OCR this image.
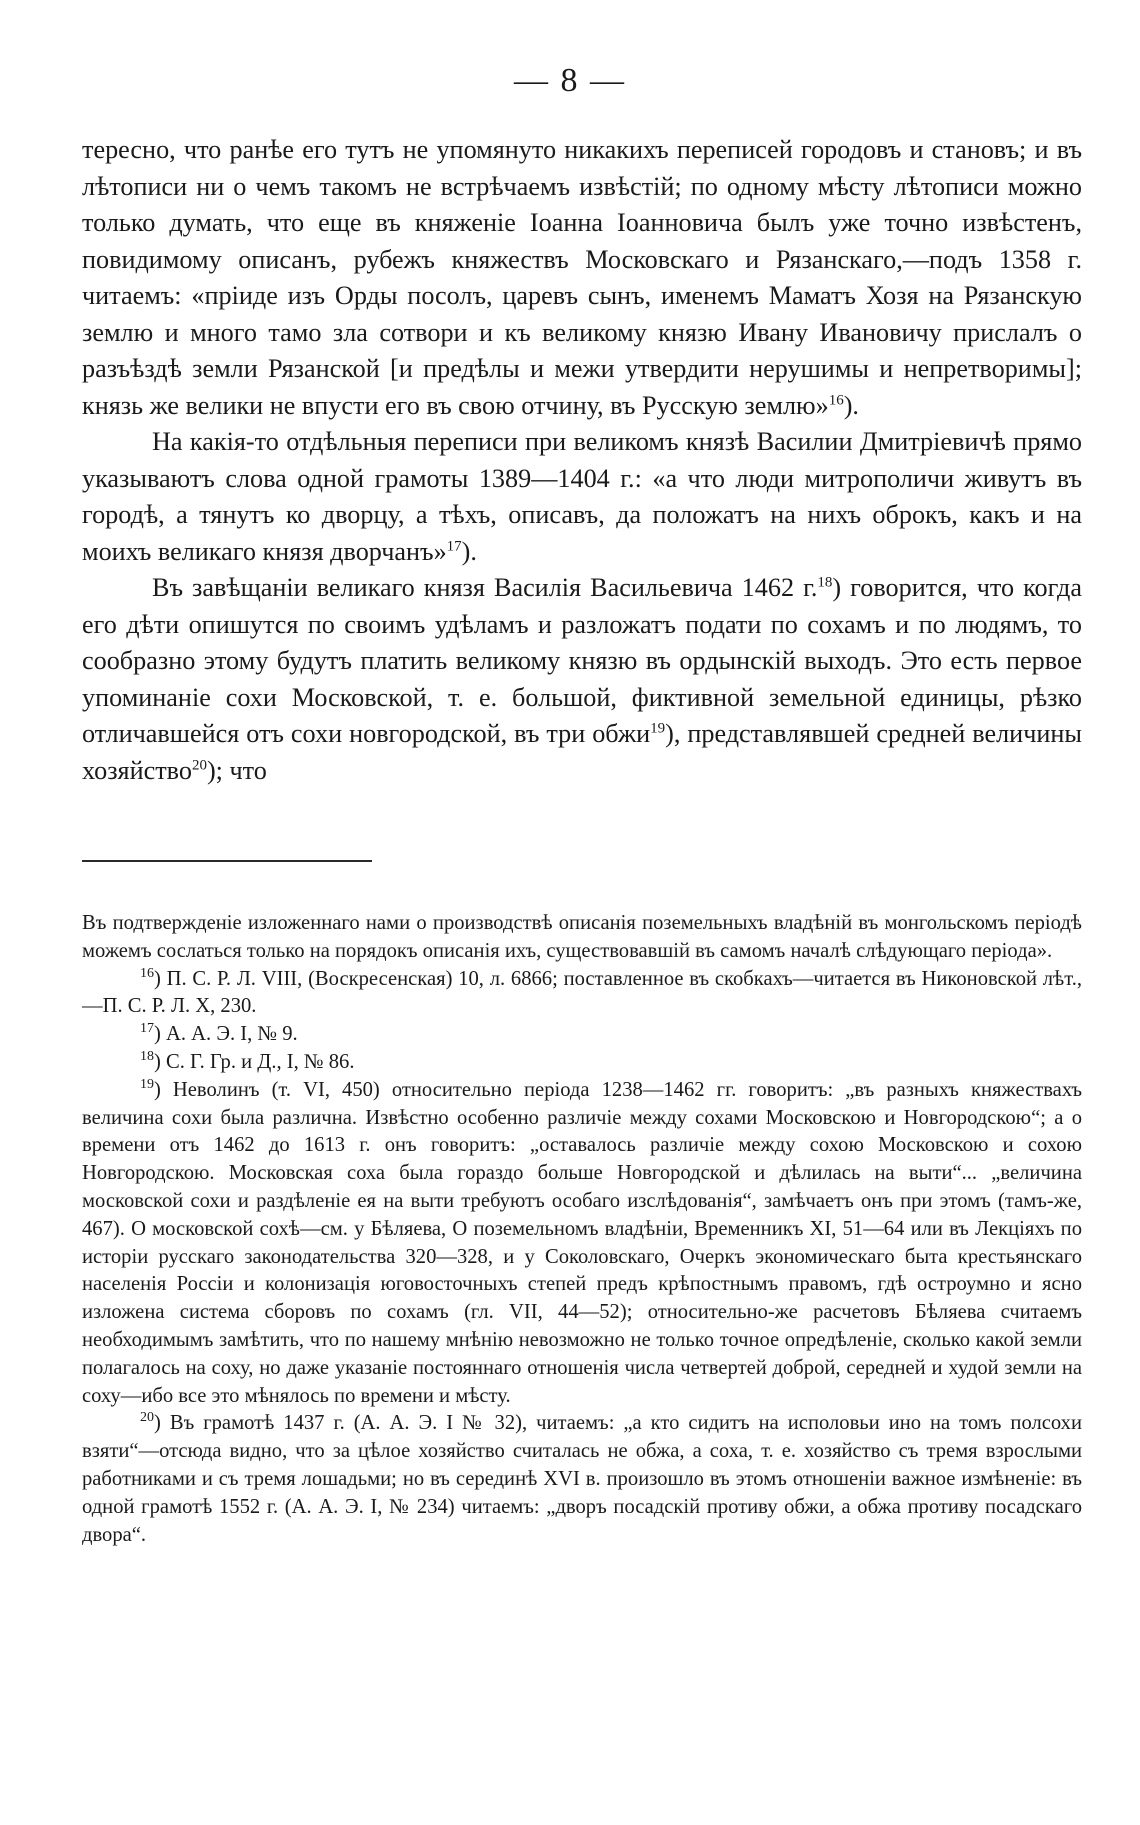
— 8 —

тересно, что ранѣе его тутъ не упомянуто никакихъ переписей городовъ и становъ; и въ лѣтописи ни о чемъ такомъ не встрѣчаемъ извѣстій; по одному мѣсту лѣтописи можно только думать, что еще въ княженіе Іоанна Іоанновича былъ уже точно извѣстенъ, повидимому описанъ, рубежъ княжествъ Московскаго и Рязанскаго,—подъ 1358 г. читаемъ: «пріиде изъ Орды посолъ, царевъ сынъ, именемъ Маматъ Хозя на Рязанскую землю и много тамо зла сотвори и къ великому князю Ивану Ивановичу прислалъ о разъѣздѣ земли Рязанской [и предѣлы и межи утвердити нерушимы и непретворимы]; князь же велики не впусти его въ свою отчину, въ Русскую землю»$^{16}$).

На какія-то отдѣльныя переписи при великомъ князѣ Василии Дмитріевичѣ прямо указываютъ слова одной грамоты 1389—1404 г.: «а что люди митрополичи живутъ въ городѣ, а тянутъ ко дворцу, а тѣхъ, описавъ, да положатъ на нихъ оброкъ, какъ и на моихъ великаго князя дворчанъ»$^{17}$).

Въ завѣщаніи великаго князя Василія Васильевича 1462 г.$^{18}$) говорится, что когда его дѣти опишутся по своимъ удѣламъ и разложатъ подати по сохамъ и по людямъ, то сообразно этому будутъ платить великому князю въ ордынскій выходъ. Это есть первое упоминаніе сохи Московской, т. е. большой, фиктивной земельной единицы, рѣзко отличавшейся отъ сохи новгородской, въ три обжи$^{19}$), представлявшей средней величины хозяйство$^{20}$); что

Въ подтвержденіе изложеннаго нами о производствѣ описанія поземельныхъ владѣній въ монгольскомъ періодѣ можемъ сослаться только на порядокъ описанія ихъ, существовавшій въ самомъ началѣ слѣдующаго періода».

$^{16}$) П. С. Р. Л. VIII, (Воскресенская) 10, л. 6866; поставленное въ скобкахъ—читается въ Никоновской лѣт.,—П. С. Р. Л. X, 230.

$^{17}$) А. А. Э. I, № 9.

$^{18}$) С. Г. Гр. и Д., I, № 86.

$^{19}$) Неволинъ (т. VI, 450) относительно періода 1238—1462 гг. говоритъ: „въ разныхъ княжествахъ величина сохи была различна. Извѣстно особенно различіе между сохами Московскою и Новгородскою“; а о времени отъ 1462 до 1613 г. онъ говоритъ: „оставалось различіе между сохою Московскою и сохою Новгородскою. Московская соха была гораздо больше Новгородской и дѣлилась на выти“... „величина московской сохи и раздѣленіе ея на выти требуютъ особаго изслѣдованія“, замѣчаетъ онъ при этомъ (тамъ-же, 467). О московской сохѣ—см. у Бѣляева, О поземельномъ владѣніи, Временникъ XI, 51—64 или въ Лекціяхъ по исторіи русскаго законодательства 320—328, и у Соколовскаго, Очеркъ экономическаго быта крестьянскаго населенія Россіи и колонизація юговосточныхъ степей предъ крѣпостнымъ правомъ, гдѣ остроумно и ясно изложена система сборовъ по сохамъ (гл. VII, 44—52); относительно-же расчетовъ Бѣляева считаемъ необходимымъ замѣтить, что по нашему мнѣнію невозможно не только точное опредѣленіе, сколько какой земли полагалось на соху, но даже указаніе постояннаго отношенія числа четвертей доброй, середней и худой земли на соху—ибо все это мѣнялось по времени и мѣсту.

$^{20}$) Въ грамотѣ 1437 г. (А. А. Э. I № 32), читаемъ: „а кто сидитъ на исполовьи ино на томъ полсохи взяти“—отсюда видно, что за цѣлое хозяйство считалась не обжа, а соха, т. е. хозяйство съ тремя взрослыми работниками и съ тремя лошадьми; но въ серединѣ XVI в. произошло въ этомъ отношеніи важное измѣненіе: въ одной грамотѣ 1552 г. (А. А. Э. I, № 234) читаемъ: „дворъ посадскій противу обжи, а обжа противу посадскаго двора“.
